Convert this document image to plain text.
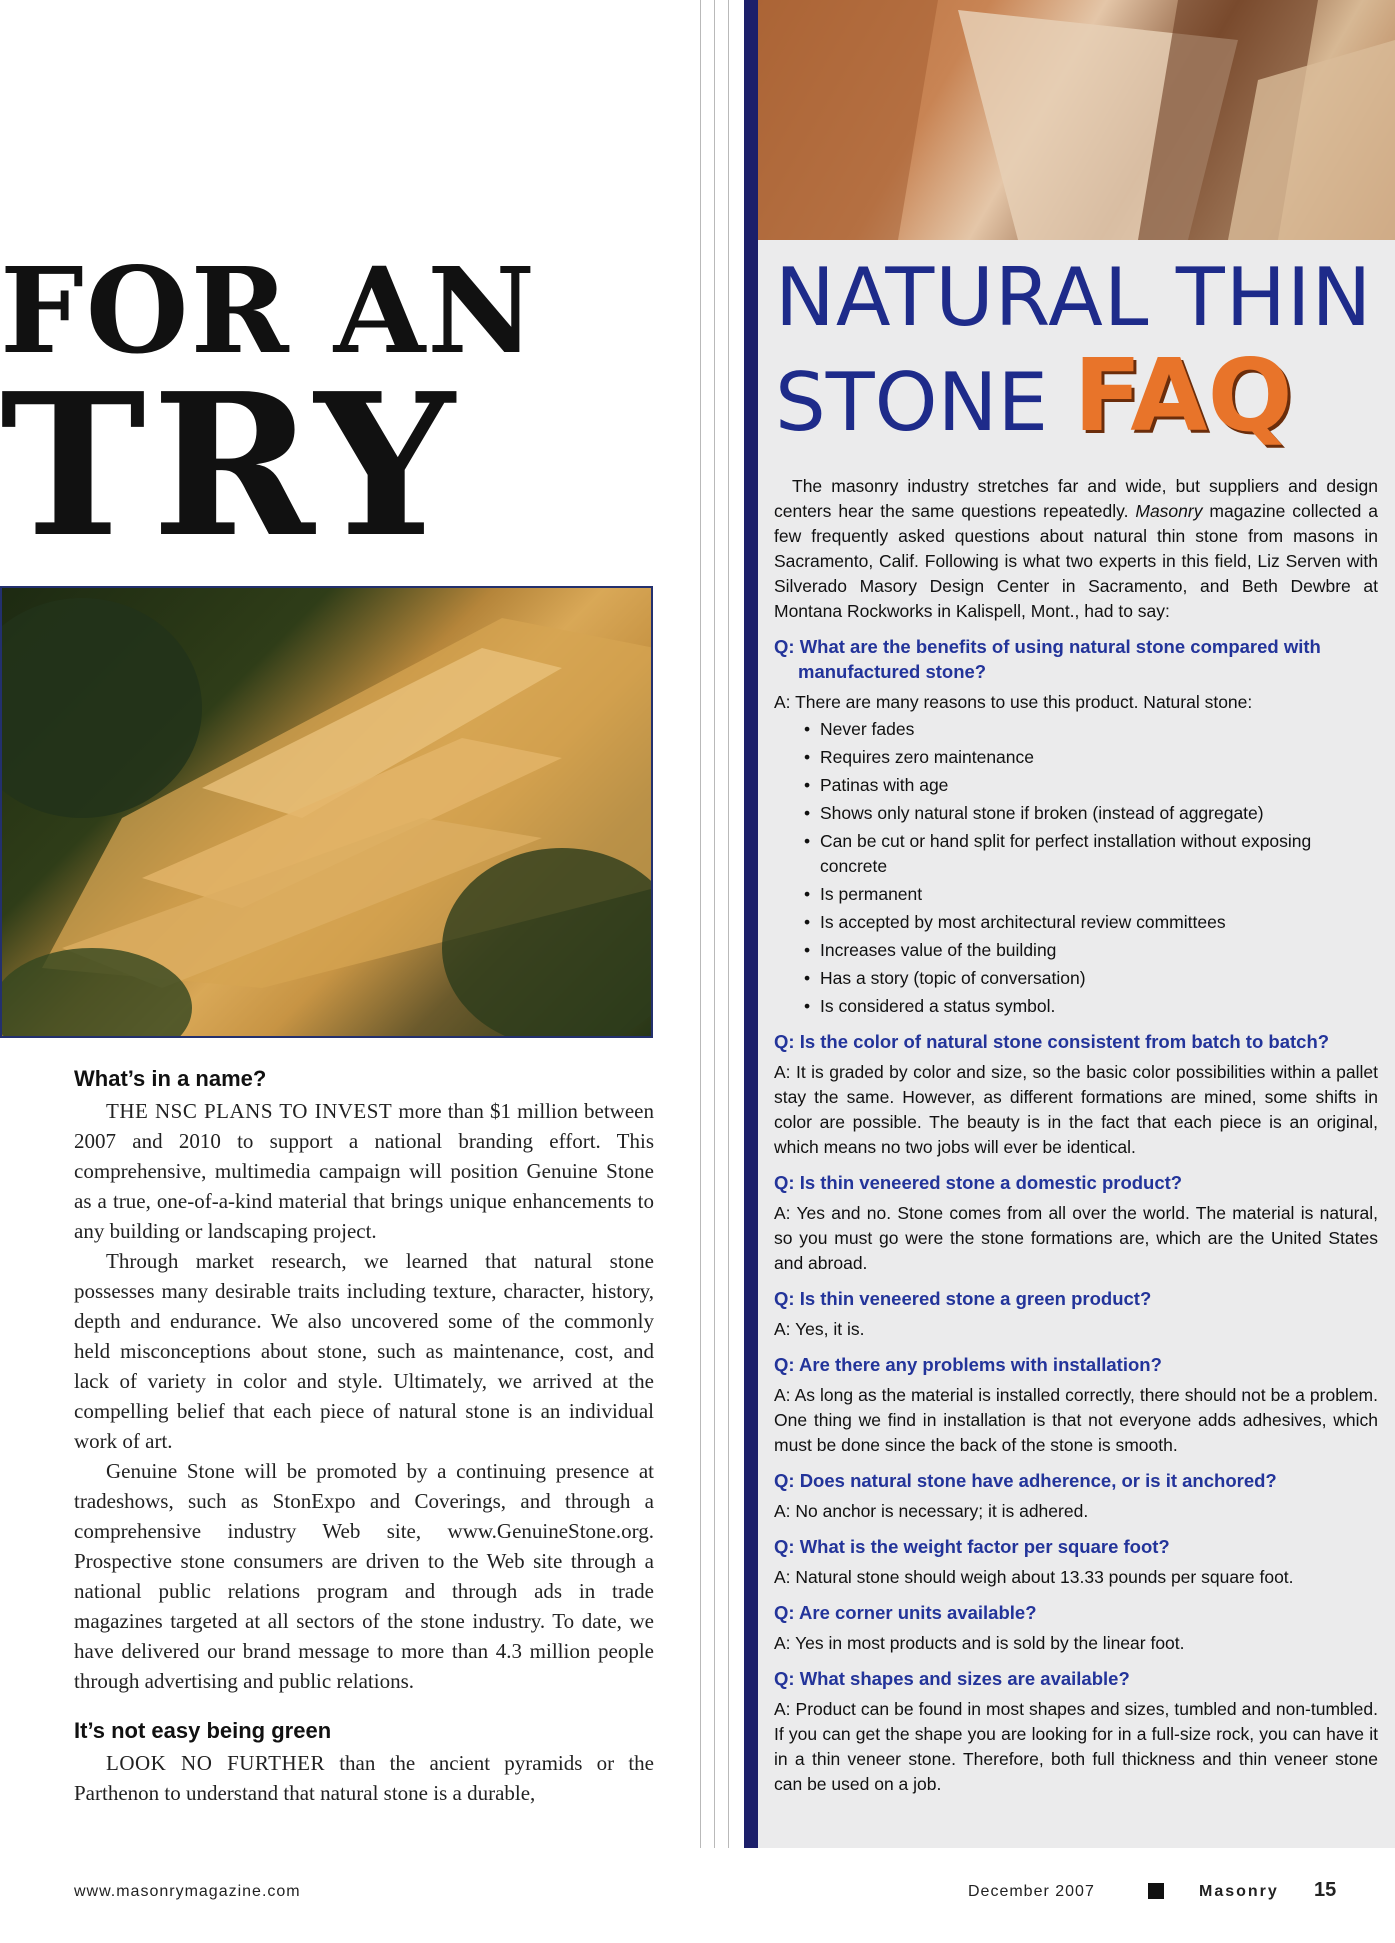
FOR AN
TRY
What’s in a name?

THE NSC PLANS TO INVEST more than $1 million between 2007 and 2010 to support a national branding effort. This comprehensive, multimedia campaign will position Genuine Stone as a true, one-of-a-kind material that brings unique enhancements to any building or landscaping project.

Through market research, we learned that natural stone possesses many desirable traits including texture, character, history, depth and endurance. We also uncovered some of the commonly held misconceptions about stone, such as maintenance, cost, and lack of variety in color and style. Ultimately, we arrived at the compelling belief that each piece of natural stone is an individual work of art.

Genuine Stone will be promoted by a continuing presence at tradeshows, such as StonExpo and Coverings, and through a comprehensive industry Web site, www.GenuineStone.org. Prospective stone consumers are driven to the Web site through a national public relations program and through ads in trade magazines targeted at all sectors of the stone industry. To date, we have delivered our brand message to more than 4.3 million people through advertising and public relations.

It’s not easy being green

LOOK NO FURTHER than the ancient pyramids or the Parthenon to understand that natural stone is a durable,

NATURAL THIN
STONE FAQ

The masonry industry stretches far and wide, but suppliers and design centers hear the same questions repeatedly. Masonry magazine collected a few frequently asked questions about natural thin stone from masons in Sacramento, Calif. Following is what two experts in this field, Liz Serven with Silverado Masory Design Center in Sacramento, and Beth Dewbre at Montana Rockworks in Kalispell, Mont., had to say:

Q: What are the benefits of using natural stone compared with manufactured stone?
A: There are many reasons to use this product. Natural stone:
• Never fades
• Requires zero maintenance
• Patinas with age
• Shows only natural stone if broken (instead of aggregate)
• Can be cut or hand split for perfect installation without exposing concrete
• Is permanent
• Is accepted by most architectural review committees
• Increases value of the building
• Has a story (topic of conversation)
• Is considered a status symbol.
Q: Is the color of natural stone consistent from batch to batch?
A: It is graded by color and size, so the basic color possibilities within a pallet stay the same. However, as different formations are mined, some shifts in color are possible. The beauty is in the fact that each piece is an original, which means no two jobs will ever be identical.
Q: Is thin veneered stone a domestic product?
A: Yes and no. Stone comes from all over the world. The material is natural, so you must go were the stone formations are, which are the United States and abroad.
Q: Is thin veneered stone a green product?
A: Yes, it is.
Q: Are there any problems with installation?
A: As long as the material is installed correctly, there should not be a problem. One thing we find in installation is that not everyone adds adhesives, which must be done since the back of the stone is smooth.
Q: Does natural stone have adherence, or is it anchored?
A: No anchor is necessary; it is adhered.
Q: What is the weight factor per square foot?
A: Natural stone should weigh about 13.33 pounds per square foot.
Q: Are corner units available?
A: Yes in most products and is sold by the linear foot.
Q: What shapes and sizes are available?
A: Product can be found in most shapes and sizes, tumbled and non-tumbled. If you can get the shape you are looking for in a full-size rock, you can have it in a thin veneer stone. Therefore, both full thickness and thin veneer stone can be used on a job.
www.masonrymagazine.com	December 2007	Masonry 15
